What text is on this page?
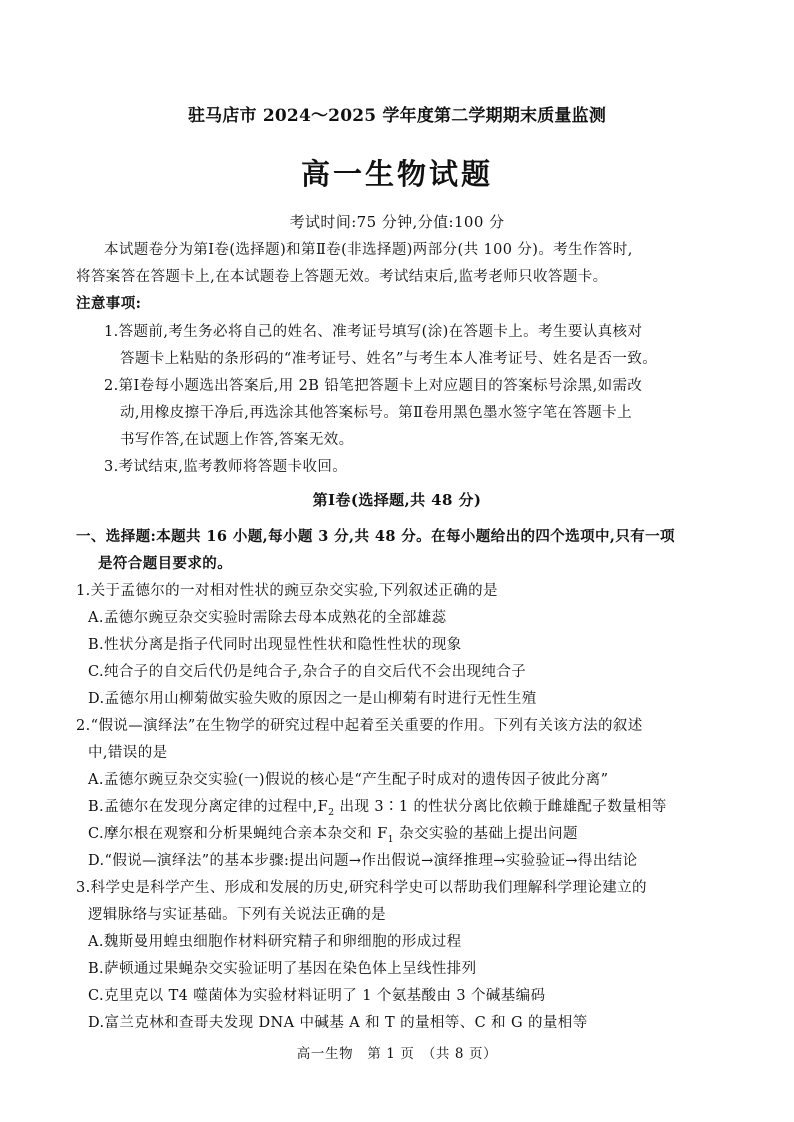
驻马店市 2024～2025 学年度第二学期期末质量监测
高一生物试题
考试时间:75 分钟,分值:100 分
本试题卷分为第Ⅰ卷(选择题)和第Ⅱ卷(非选择题)两部分(共 100 分)。考生作答时,
将答案答在答题卡上,在本试题卷上答题无效。考试结束后,监考老师只收答题卡。
注意事项:
1.答题前,考生务必将自己的姓名、准考证号填写(涂)在答题卡上。考生要认真核对
答题卡上粘贴的条形码的“准考证号、姓名”与考生本人准考证号、姓名是否一致。
2.第Ⅰ卷每小题选出答案后,用 2B 铅笔把答题卡上对应题目的答案标号涂黑,如需改
动,用橡皮擦干净后,再选涂其他答案标号。第Ⅱ卷用黑色墨水签字笔在答题卡上
书写作答,在试题上作答,答案无效。
3.考试结束,监考教师将答题卡收回。
第Ⅰ卷(选择题,共 48 分)
一、选择题:本题共 16 小题,每小题 3 分,共 48 分。在每小题给出的四个选项中,只有一项
是符合题目要求的。
1.关于孟德尔的一对相对性状的豌豆杂交实验,下列叙述正确的是
A.孟德尔豌豆杂交实验时需除去母本成熟花的全部雄蕊
B.性状分离是指子代同时出现显性性状和隐性性状的现象
C.纯合子的自交后代仍是纯合子,杂合子的自交后代不会出现纯合子
D.孟德尔用山柳菊做实验失败的原因之一是山柳菊有时进行无性生殖
2.“假说—演绎法”在生物学的研究过程中起着至关重要的作用。下列有关该方法的叙述
中,错误的是
A.孟德尔豌豆杂交实验(一)假说的核心是“产生配子时成对的遗传因子彼此分离”
B.孟德尔在发现分离定律的过程中$,F_2$ 出现 3∶1 的性状分离比依赖于雌雄配子数量相等
C.摩尔根在观察和分析果蝇纯合亲本杂交和 $F_1$ 杂交实验的基础上提出问题
D.“假说—演绎法”的基本步骤:提出问题→作出假说→演绎推理→实验验证→得出结论
3.科学史是科学产生、形成和发展的历史,研究科学史可以帮助我们理解科学理论建立的
逻辑脉络与实证基础。下列有关说法正确的是
A.魏斯曼用蝗虫细胞作材料研究精子和卵细胞的形成过程
B.萨顿通过果蝇杂交实验证明了基因在染色体上呈线性排列
C.克里克以 T4 噬菌体为实验材料证明了 1 个氨基酸由 3 个碱基编码
D.富兰克林和查哥夫发现 DNA 中碱基 A 和 T 的量相等、C 和 G 的量相等
高一生物　第 1 页　（共 8 页）
